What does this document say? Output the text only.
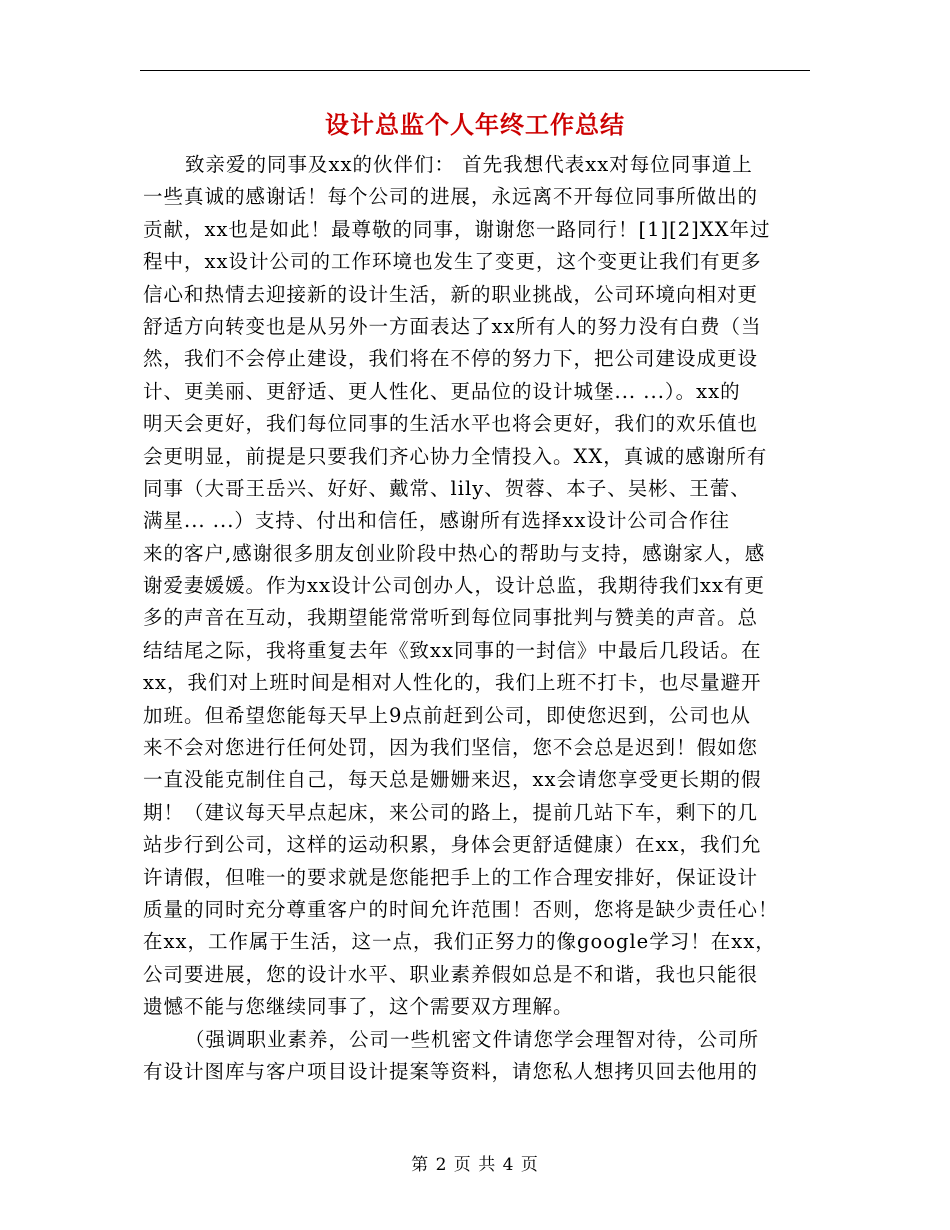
设计总监个人年终工作总结
致亲爱的同事及xx的伙伴们： 首先我想代表xx对每位同事道上
一些真诚的感谢话！每个公司的进展，永远离不开每位同事所做出的
贡献，xx也是如此！最尊敬的同事，谢谢您一路同行！[1][2]XX年过
程中，xx设计公司的工作环境也发生了变更，这个变更让我们有更多
信心和热情去迎接新的设计生活，新的职业挑战，公司环境向相对更
舒适方向转变也是从另外一方面表达了xx所有人的努力没有白费（当
然，我们不会停止建设，我们将在不停的努力下，把公司建设成更设
计、更美丽、更舒适、更人性化、更品位的设计城堡... ...）。xx的
明天会更好，我们每位同事的生活水平也将会更好，我们的欢乐值也
会更明显，前提是只要我们齐心协力全情投入。XX，真诚的感谢所有
同事（大哥王岳兴、好好、戴常、lily、贺蓉、本子、吴彬、王蕾、
满星... ...）支持、付出和信任，感谢所有选择xx设计公司合作往
来的客户,感谢很多朋友创业阶段中热心的帮助与支持，感谢家人，感
谢爱妻媛媛。作为xx设计公司创办人，设计总监，我期待我们xx有更
多的声音在互动，我期望能常常听到每位同事批判与赞美的声音。总
结结尾之际，我将重复去年《致xx同事的一封信》中最后几段话。在
xx，我们对上班时间是相对人性化的，我们上班不打卡，也尽量避开
加班。但希望您能每天早上9点前赶到公司，即使您迟到，公司也从
来不会对您进行任何处罚，因为我们坚信，您不会总是迟到！假如您
一直没能克制住自己，每天总是姗姗来迟，xx会请您享受更长期的假
期！（建议每天早点起床，来公司的路上，提前几站下车，剩下的几
站步行到公司，这样的运动积累，身体会更舒适健康）在xx，我们允
许请假，但唯一的要求就是您能把手上的工作合理安排好，保证设计
质量的同时充分尊重客户的时间允许范围！否则，您将是缺少责任心！
在xx，工作属于生活，这一点，我们正努力的像google学习！在xx，
公司要进展，您的设计水平、职业素养假如总是不和谐，我也只能很
遗憾不能与您继续同事了，这个需要双方理解。
（强调职业素养，公司一些机密文件请您学会理智对待，公司所
有设计图库与客户项目设计提案等资料，请您私人想拷贝回去他用的
第 2 页 共 4 页
